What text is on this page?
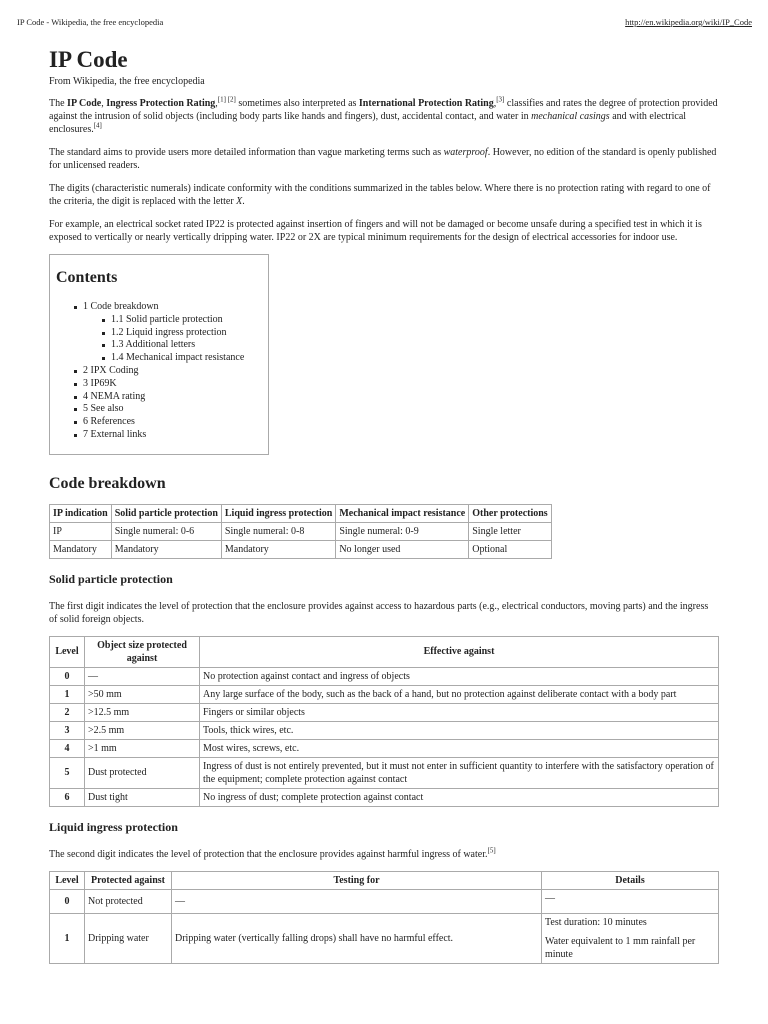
IP Code - Wikipedia, the free encyclopedia	http://en.wikipedia.org/wiki/IP_Code
IP Code
From Wikipedia, the free encyclopedia

The IP Code, Ingress Protection Rating,[1] [2] sometimes also interpreted as International Protection Rating,[3] classifies and rates the degree of protection provided against the intrusion of solid objects (including body parts like hands and fingers), dust, accidental contact, and water in mechanical casings and with electrical enclosures.[4]

The standard aims to provide users more detailed information than vague marketing terms such as waterproof. However, no edition of the standard is openly published for unlicensed readers.

The digits (characteristic numerals) indicate conformity with the conditions summarized in the tables below. Where there is no protection rating with regard to one of the criteria, the digit is replaced with the letter X.

For example, an electrical socket rated IP22 is protected against insertion of fingers and will not be damaged or become unsafe during a specified test in which it is exposed to vertically or nearly vertically dripping water. IP22 or 2X are typical minimum requirements for the design of electrical accessories for indoor use.

Contents
1 Code breakdown
1.1 Solid particle protection
1.2 Liquid ingress protection
1.3 Additional letters
1.4 Mechanical impact resistance
2 IPX Coding
3 IP69K
4 NEMA rating
5 See also
6 References
7 External links
Code breakdown
IP indication	Solid particle protection	Liquid ingress protection	Mechanical impact resistance	Other protections
IP	Single numeral: 0-6	Single numeral: 0-8	Single numeral: 0-9	Single letter
Mandatory	Mandatory	Mandatory	No longer used	Optional
Solid particle protection

The first digit indicates the level of protection that the enclosure provides against access to hazardous parts (e.g., electrical conductors, moving parts) and the ingress of solid foreign objects.

Level	Object size protected against	Effective against
0	—	No protection against contact and ingress of objects
1	>50 mm	Any large surface of the body, such as the back of a hand, but no protection against deliberate contact with a body part
2	>12.5 mm	Fingers or similar objects
3	>2.5 mm	Tools, thick wires, etc.
4	>1 mm	Most wires, screws, etc.
5	Dust protected	Ingress of dust is not entirely prevented, but it must not enter in sufficient quantity to interfere with the satisfactory operation of the equipment; complete protection against contact
6	Dust tight	No ingress of dust; complete protection against contact
Liquid ingress protection

The second digit indicates the level of protection that the enclosure provides against harmful ingress of water.[5]

Level	Protected against	Testing for	Details
0	Not protected	—	—

1	Dripping water	Dripping water (vertically falling drops) shall have no harmful effect.	Test duration: 10 minutes
Water equivalent to 1 mm rainfall per minute
